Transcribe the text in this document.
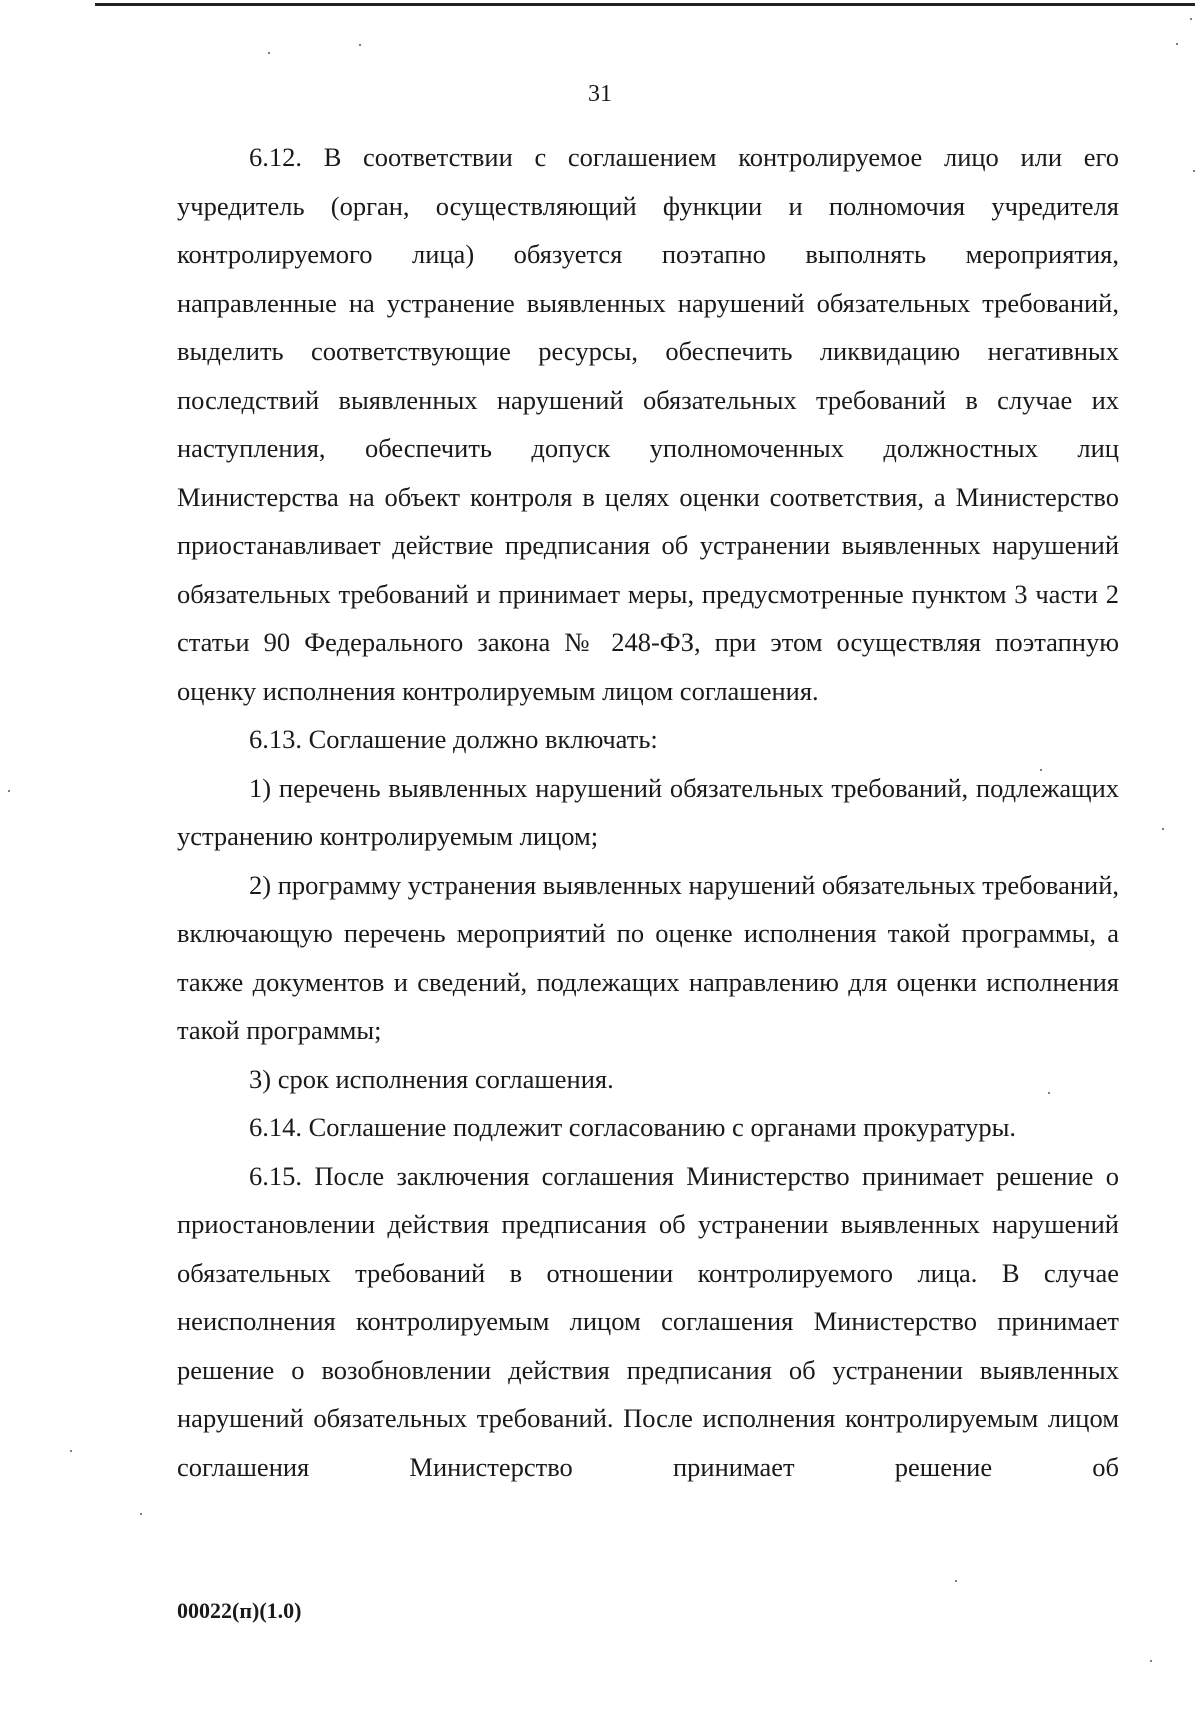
31

6.12. В соответствии с соглашением контролируемое лицо или его учредитель (орган, осуществляющий функции и полномочия учредителя контролируемого лица) обязуется поэтапно выполнять мероприятия, направленные на устранение выявленных нарушений обязательных требований, выделить соответствующие ресурсы, обеспечить ликвидацию негативных последствий выявленных нарушений обязательных требований в случае их наступления, обеспечить допуск уполномоченных должностных лиц Министерства на объект контроля в целях оценки соответствия, а Министерство приостанавливает действие предписания об устранении выявленных нарушений обязательных требований и принимает меры, предусмотренные пунктом 3 части 2 статьи 90 Федерального закона № 248-ФЗ, при этом осуществляя поэтапную оценку исполнения контролируемым лицом соглашения.

6.13. Соглашение должно включать:

1) перечень выявленных нарушений обязательных требований, подлежащих устранению контролируемым лицом;

2) программу устранения выявленных нарушений обязательных требований, включающую перечень мероприятий по оценке исполнения такой программы, а также документов и сведений, подлежащих направлению для оценки исполнения такой программы;

3) срок исполнения соглашения.

6.14. Соглашение подлежит согласованию с органами прокуратуры.

6.15. После заключения соглашения Министерство принимает решение о приостановлении действия предписания об устранении выявленных нарушений обязательных требований в отношении контролируемого лица. В случае неисполнения контролируемым лицом соглашения Министерство принимает решение о возобновлении действия предписания об устранении выявленных нарушений обязательных требований. После исполнения контролируемым лицом соглашения Министерство принимает решение об

00022(п)(1.0)
